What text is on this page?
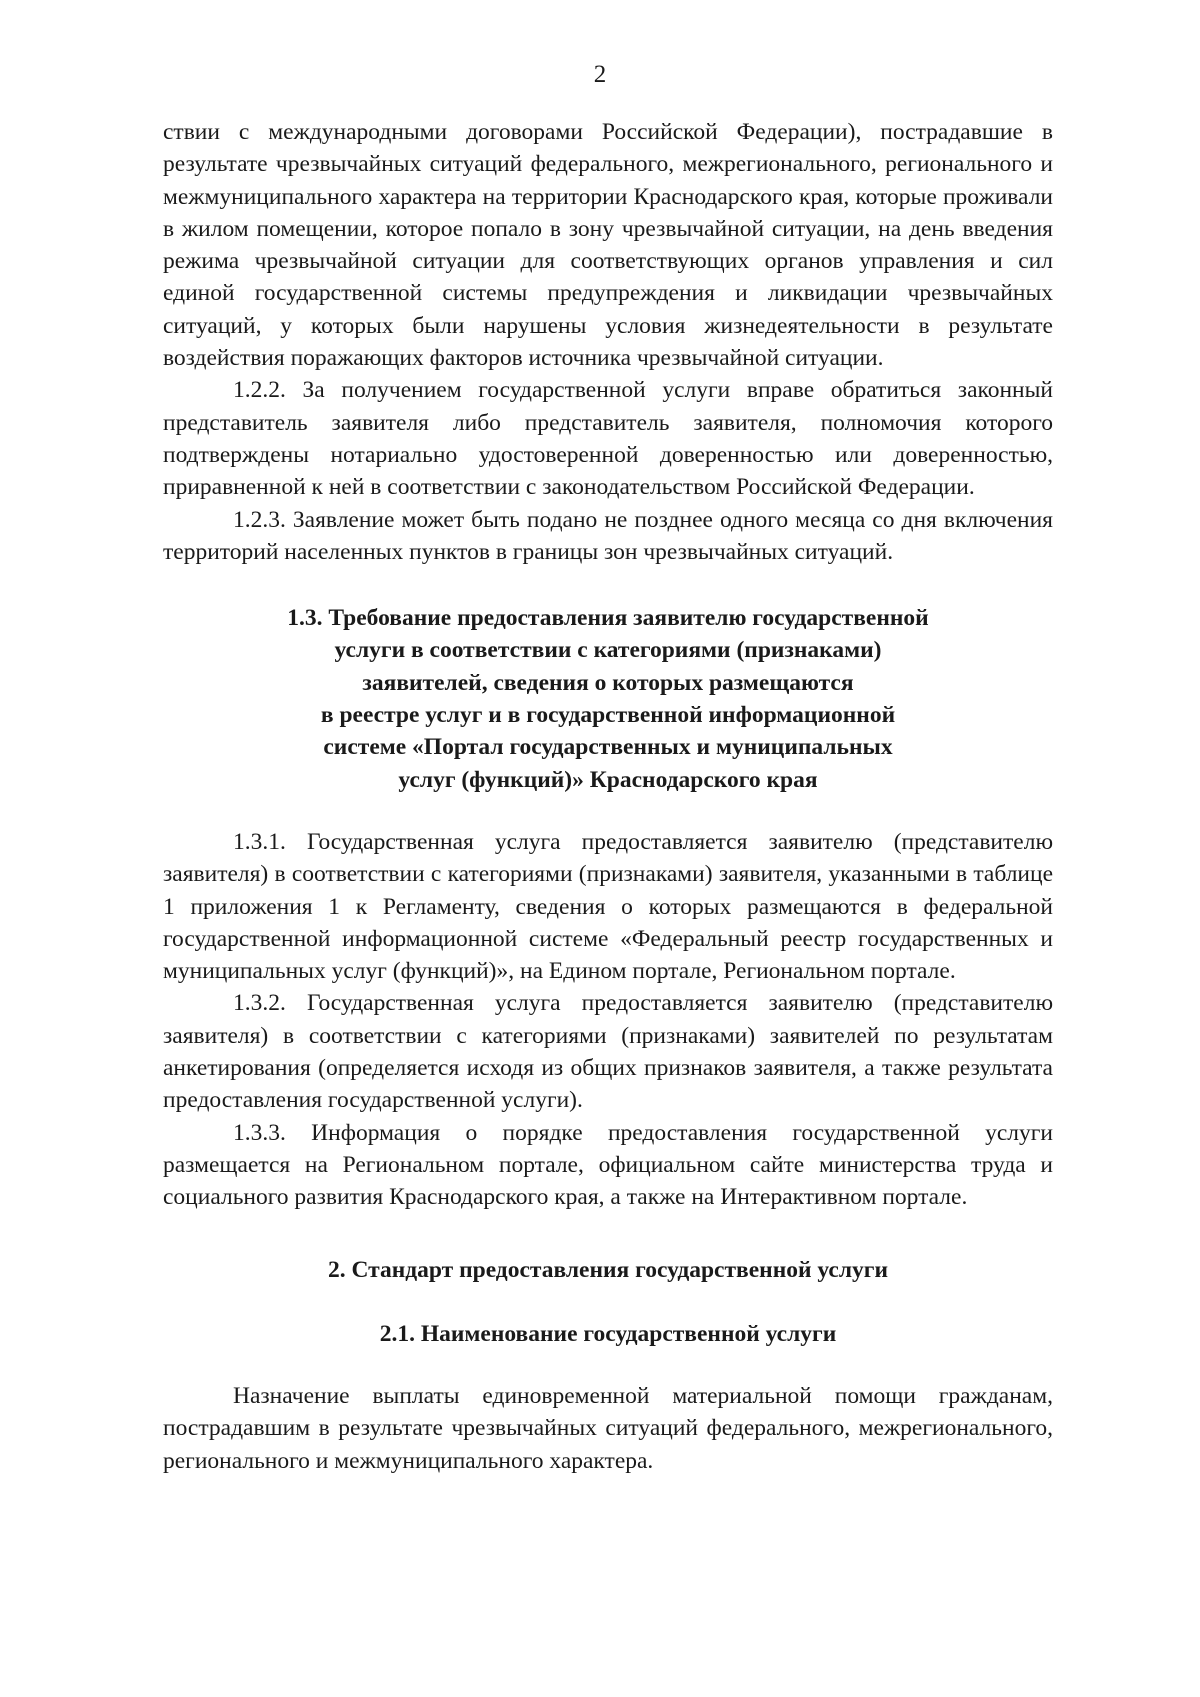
2

ствии с международными договорами Российской Федерации), пострадавшие в результате чрезвычайных ситуаций федерального, межрегионального, регионального и межмуниципального характера на территории Краснодарского края, которые проживали в жилом помещении, которое попало в зону чрезвычайной ситуации, на день введения режима чрезвычайной ситуации для соответствующих органов управления и сил единой государственной системы предупреждения и ликвидации чрезвычайных ситуаций, у которых были нарушены условия жизнедеятельности в результате воздействия поражающих факторов источника чрезвычайной ситуации.

1.2.2. За получением государственной услуги вправе обратиться законный представитель заявителя либо представитель заявителя, полномочия которого подтверждены нотариально удостоверенной доверенностью или доверенностью, приравненной к ней в соответствии с законодательством Российской Федерации.

1.2.3. Заявление может быть подано не позднее одного месяца со дня включения территорий населенных пунктов в границы зон чрезвычайных ситуаций.

1.3. Требование предоставления заявителю государственной

услуги в соответствии с категориями (признаками)

заявителей, сведения о которых размещаются

в реестре услуг и в государственной информационной

системе «Портал государственных и муниципальных

услуг (функций)» Краснодарского края

1.3.1. Государственная услуга предоставляется заявителю (представителю заявителя) в соответствии с категориями (признаками) заявителя, указанными в таблице 1 приложения 1 к Регламенту, сведения о которых размещаются в федеральной государственной информационной системе «Федеральный реестр государственных и муниципальных услуг (функций)», на Едином портале, Региональном портале.

1.3.2. Государственная услуга предоставляется заявителю (представителю заявителя) в соответствии с категориями (признаками) заявителей по результатам анкетирования (определяется исходя из общих признаков заявителя, а также результата предоставления государственной услуги).

1.3.3. Информация о порядке предоставления государственной услуги размещается на Региональном портале, официальном сайте министерства труда и социального развития Краснодарского края, а также на Интерактивном портале.

2. Стандарт предоставления государственной услуги

2.1. Наименование государственной услуги

Назначение выплаты единовременной материальной помощи гражданам, пострадавшим в результате чрезвычайных ситуаций федерального, межрегионального, регионального и межмуниципального характера.
